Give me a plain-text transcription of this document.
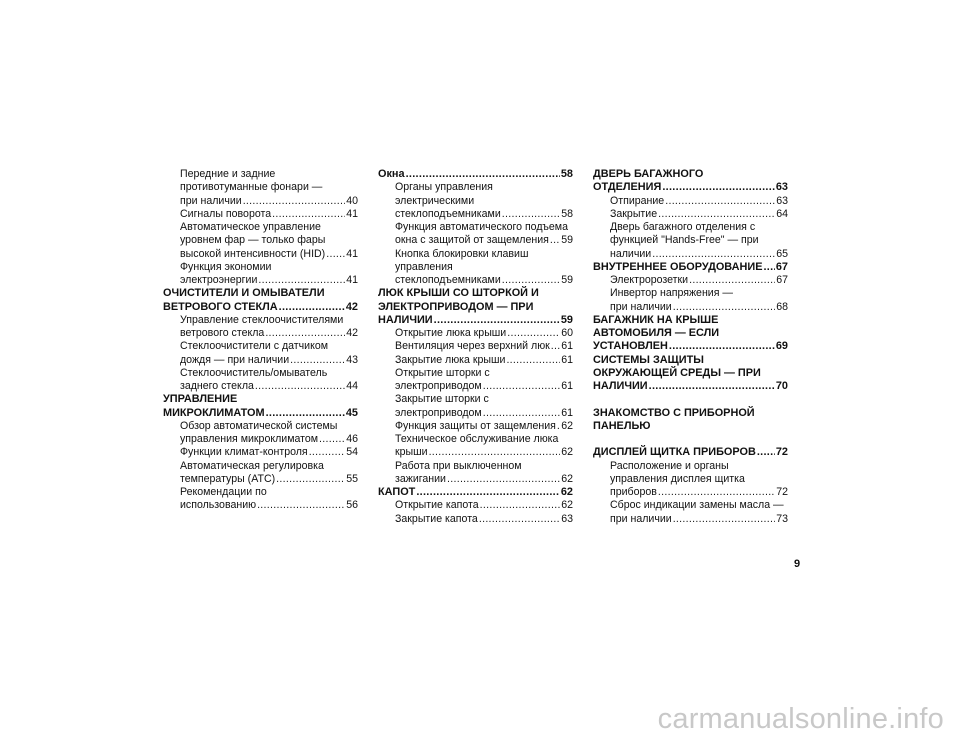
Передние и задние
противотуманные фонари —
при наличии .....	40
Сигналы поворота .....	41
Автоматическое управление
уровнем фар — только фары
высокой интенсивности (HID) ..... 41
Функция экономии
электроэнергии .....	41
ОЧИСТИТЕЛИ И ОМЫВАТЕЛИ
ВЕТРОВОГО СТЕКЛА .....	42
Управление стеклоочистителями
ветрового стекла .....	42
Стеклоочистители с датчиком
дождя — при наличии .....	43
Стеклоочиститель/омыватель
заднего стекла .....	44
УПРАВЛЕНИЕ
МИКРОКЛИМАТОМ .....	45
Обзор автоматической системы
управления микроклиматом .....	46
Функции климат-контроля .....	54
Автоматическая регулировка
температуры (ATC) .....	55
Рекомендации по
использованию .....	56
Окна .....	58
Органы управления
электрическими
стеклоподъемниками .....	58
Функция автоматического подъема
окна с защитой от защемления ..... 59
Кнопка блокировки клавиш
управления
стеклоподъемниками .....	59
ЛЮК КРЫШИ СО ШТОРКОЙ И
ЭЛЕКТРОПРИВОДОМ — ПРИ
НАЛИЧИИ .....	59
Открытие люка крыши .....	60
Вентиляция через верхний люк ..... 61
Закрытие люка крыши .....	61
Открытие шторки с
электроприводом .....	61
Закрытие шторки с
электроприводом .....	61
Функция защиты от защемления ..... 62
Техническое обслуживание люка
крыши .....	62
Работа при выключенном
зажигании .....	62
КАПОТ .....	62
Открытие капота .....	62
Закрытие капота .....	63
ДВЕРЬ БАГАЖНОГО
ОТДЕЛЕНИЯ .....	63
Отпирание .....	63
Закрытие .....	64
Дверь багажного отделения с
функцией "Hands-Free" — при
наличии .....	65
ВНУТРЕННЕЕ ОБОРУДОВАНИЕ ..... 67
Электророзетки .....	67
Инвертор напряжения —
при наличии .....	68
БАГАЖНИК НА КРЫШЕ
АВТОМОБИЛЯ — ЕСЛИ
УСТАНОВЛЕН .....	69
СИСТЕМЫ ЗАЩИТЫ
ОКРУЖАЮЩЕЙ СРЕДЫ — ПРИ
НАЛИЧИИ .....	70
ЗНАКОМСТВО С ПРИБОРНОЙ
ПАНЕЛЬЮ
ДИСПЛЕЙ ЩИТКА ПРИБОРОВ ..... 72
Расположение и органы
управления дисплея щитка
приборов .....	72
Сброс индикации замены масла —
при наличии .....	73
9
carmanualsonline.info
